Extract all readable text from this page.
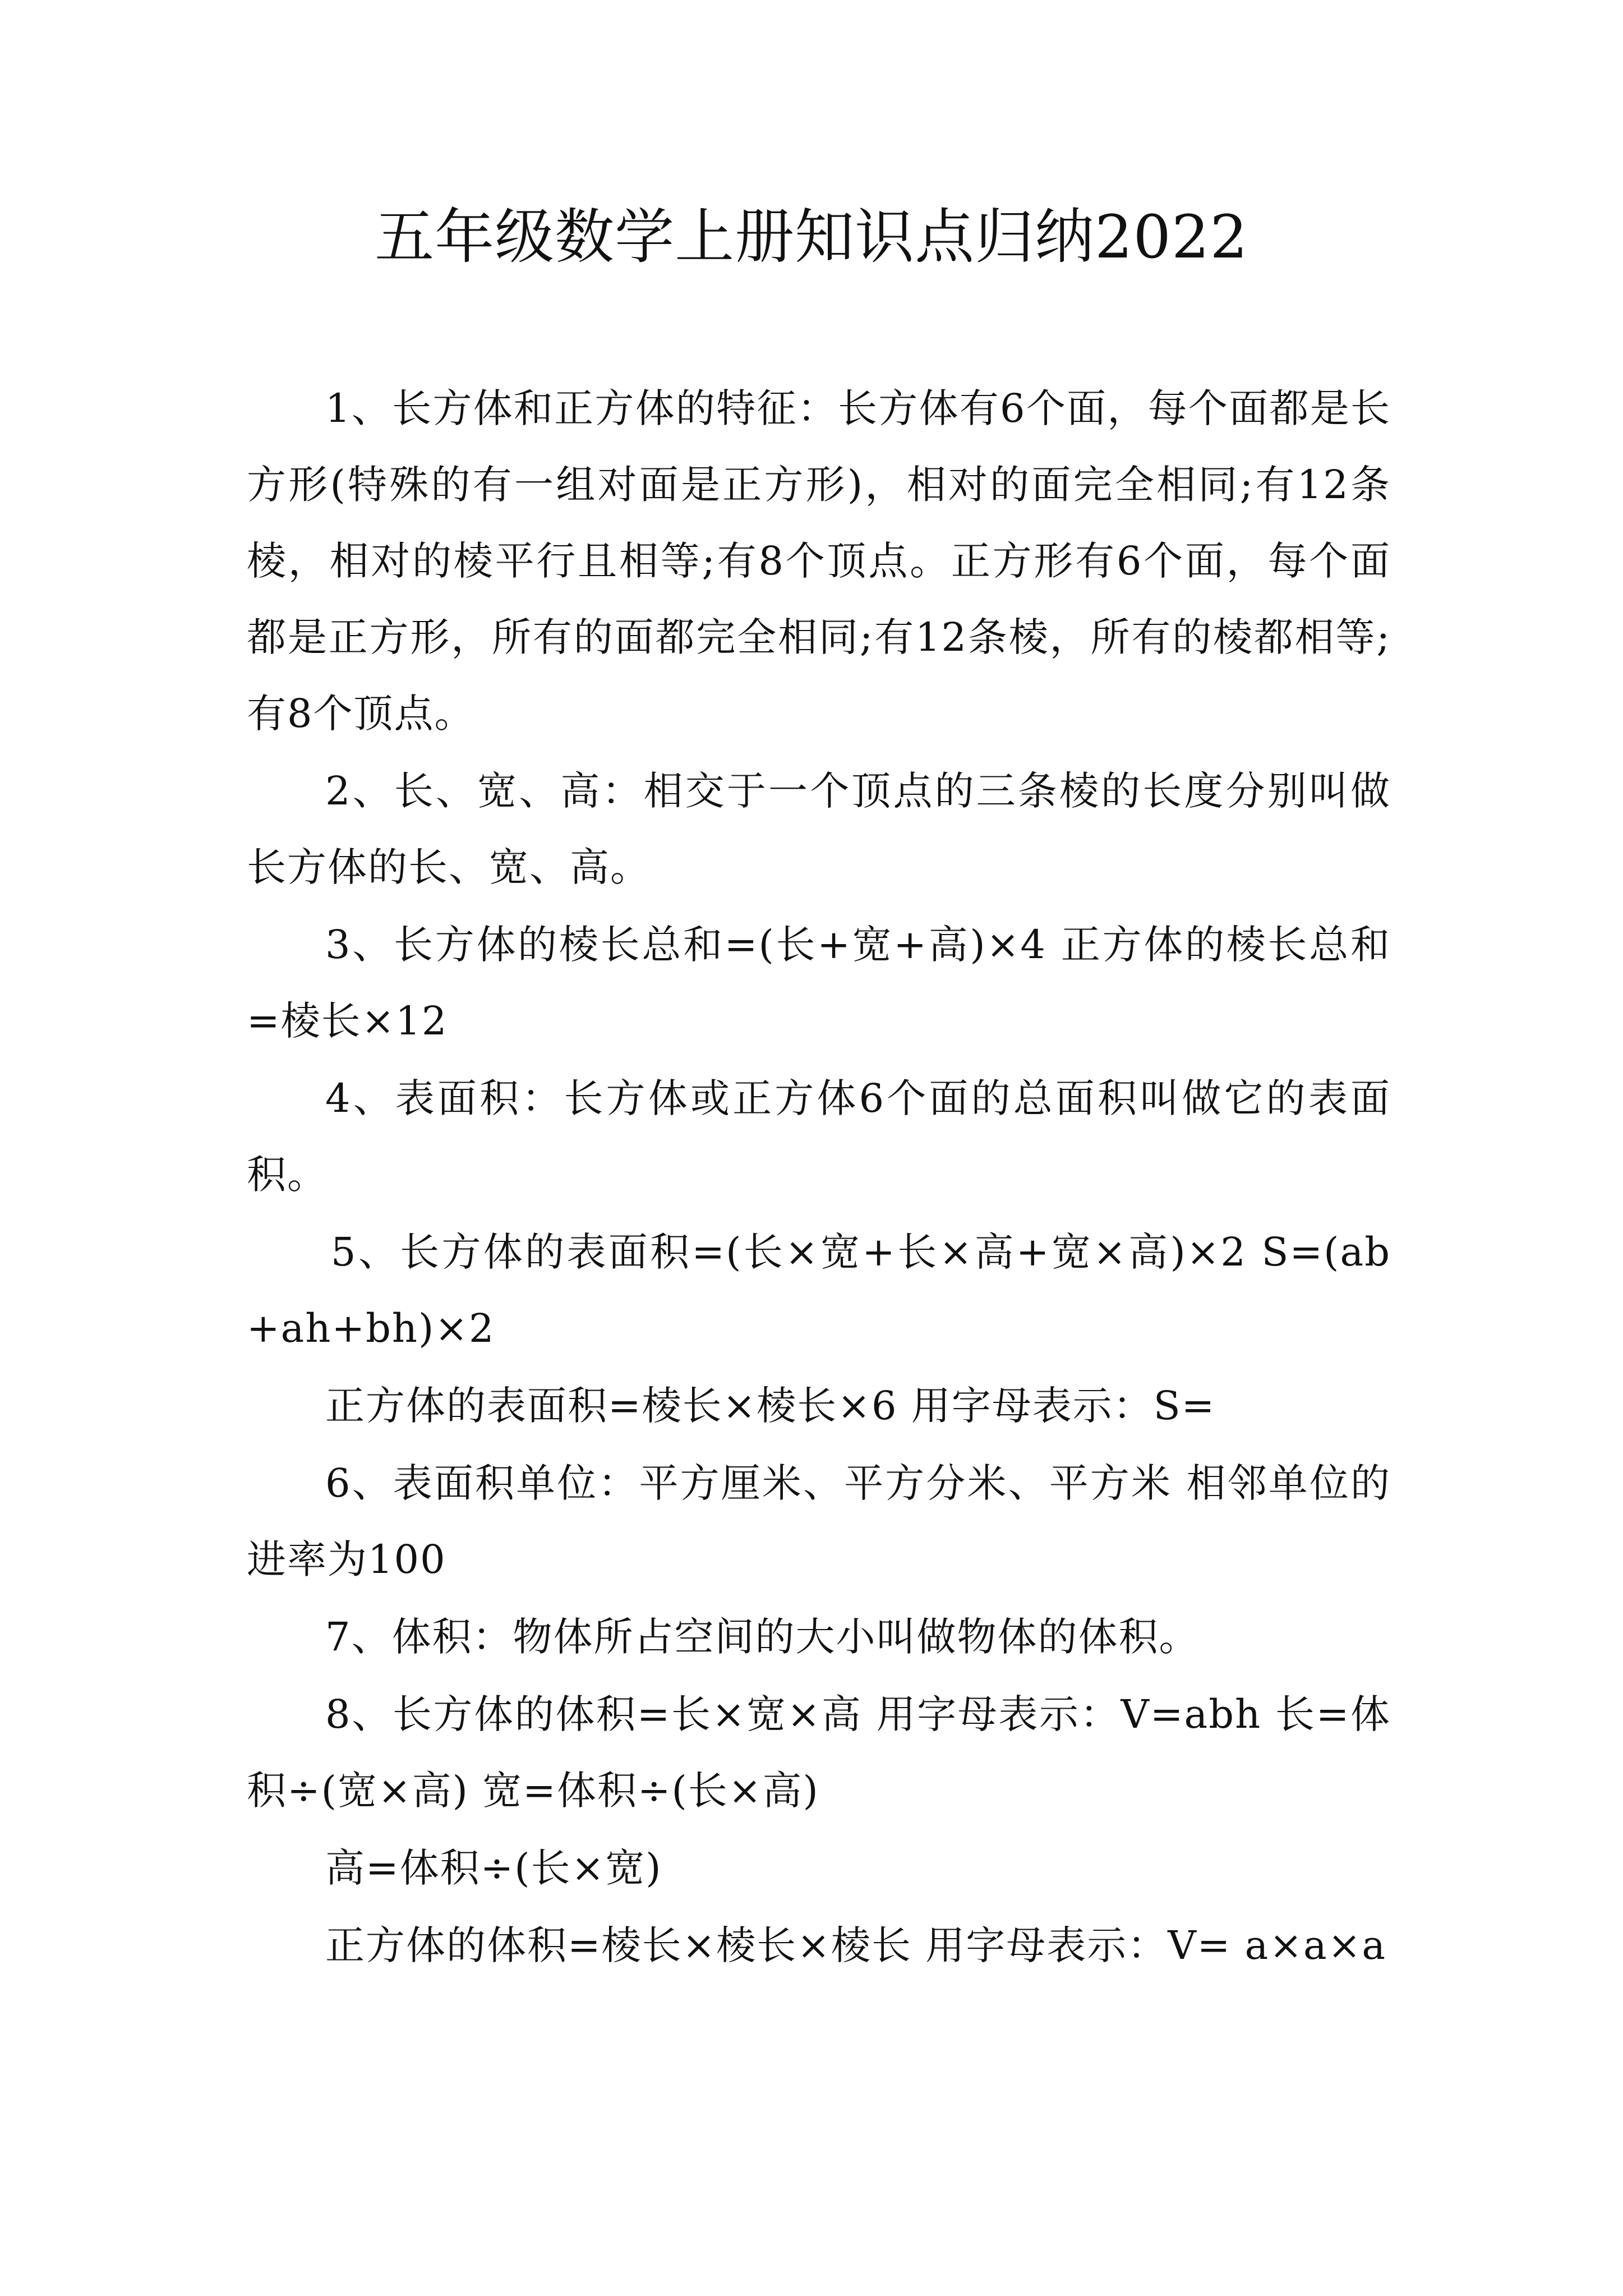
五年级数学上册知识点归纳2022

1、长方体和正方体的特征：长方体有6个面，每个面都是长方形(特殊的有一组对面是正方形)，相对的面完全相同;有12条棱，相对的棱平行且相等;有8个顶点。正方形有6个面，每个面都是正方形，所有的面都完全相同;有12条棱，所有的棱都相等;有8个顶点。

2、长、宽、高：相交于一个顶点的三条棱的长度分别叫做长方体的长、宽、高。

3、长方体的棱长总和=(长+宽+高)×4 正方体的棱长总和=棱长×12

4、表面积：长方体或正方体6个面的总面积叫做它的表面积。

5、长方体的表面积=(长×宽+长×高+宽×高)×2 S=(ab+ah+bh)×2

正方体的表面积=棱长×棱长×6 用字母表示：S=

6、表面积单位：平方厘米、平方分米、平方米 相邻单位的进率为100

7、体积：物体所占空间的大小叫做物体的体积。

8、长方体的体积=长×宽×高 用字母表示：V=abh 长=体积÷(宽×高) 宽=体积÷(长×高)

高=体积÷(长×宽)

正方体的体积=棱长×棱长×棱长 用字母表示：V= a×a×a
